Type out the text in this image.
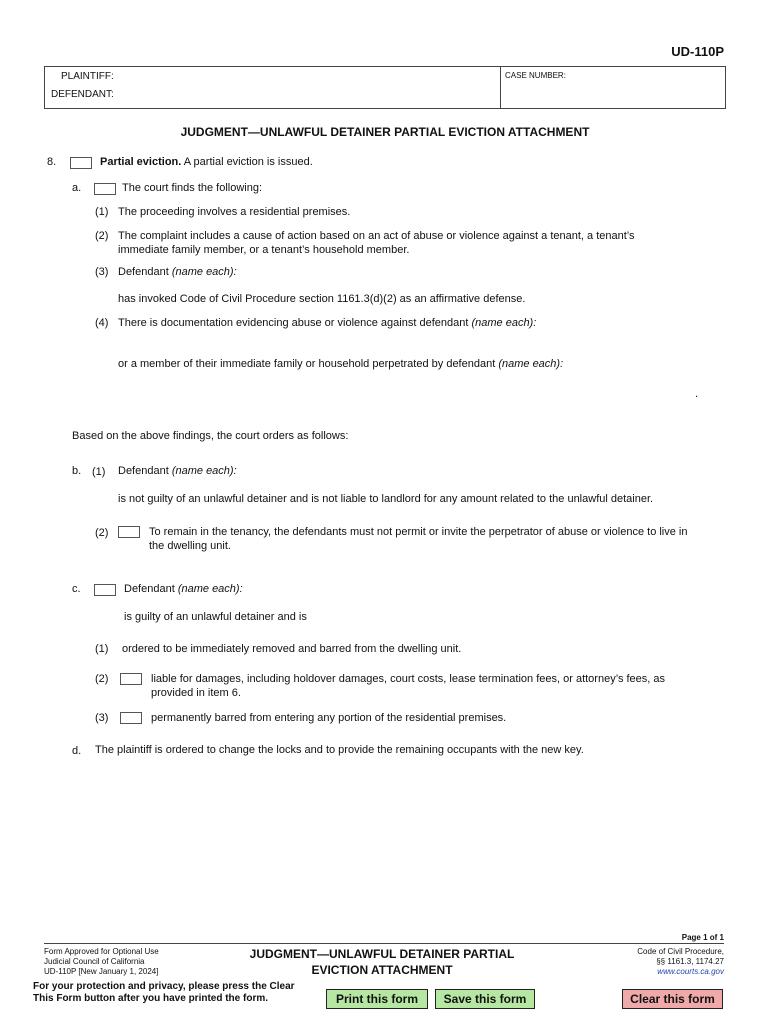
UD-110P
PLAINTIFF:
DEFENDANT:
CASE NUMBER:
JUDGMENT—UNLAWFUL DETAINER PARTIAL EVICTION ATTACHMENT
8.	Partial eviction. A partial eviction is issued.
a.	The court finds the following:
(1) The proceeding involves a residential premises.
(2) The complaint includes a cause of action based on an act of abuse or violence against a tenant, a tenant’s
immediate family member, or a tenant’s household member.
(3) Defendant (name each):
has invoked Code of Civil Procedure section 1161.3(d)(2) as an affirmative defense.
(4) There is documentation evidencing abuse or violence against defendant (name each):
or a member of their immediate family or household perpetrated by defendant (name each):
.
Based on the above findings, the court orders as follows:
b. (1) Defendant (name each):
is not guilty of an unlawful detainer and is not liable to landlord for any amount related to the unlawful detainer.
(2)	To remain in the tenancy, the defendants must not permit or invite the perpetrator of abuse or violence to live in
the dwelling unit.
c.	Defendant (name each):
is guilty of an unlawful detainer and is
(1) ordered to be immediately removed and barred from the dwelling unit.
(2)	liable for damages, including holdover damages, court costs, lease termination fees, or attorney’s fees, as
provided in item 6.
(3)	permanently barred from entering any portion of the residential premises.
d. The plaintiff is ordered to change the locks and to provide the remaining occupants with the new key.
Page 1 of 1
Form Approved for Optional Use
Judicial Council of California
UD-110P [New January 1, 2024]
JUDGMENT—UNLAWFUL DETAINER PARTIAL
EVICTION ATTACHMENT
Code of Civil Procedure,
§§ 1161.3, 1174.27
www.courts.ca.gov
For your protection and privacy, please press the Clear
This Form button after you have printed the form.	Print this form	Save this form	Clear this form
